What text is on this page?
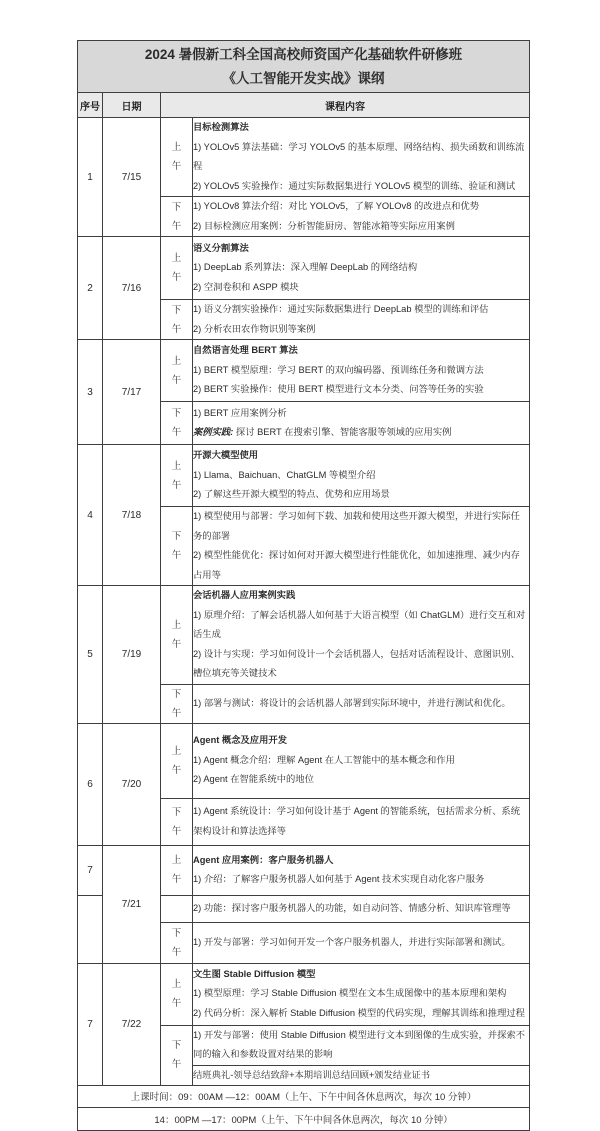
2024 暑假新工科全国高校师资国产化基础软件研修班
《人工智能开发实战》课纲			

序号	日期	课程内容	
1	7/15	上午	目标检测算法
1) YOLOv5 算法基础：学习 YOLOv5 的基本原理、网络结构、损失函数和训练流程
2) YOLOv5 实验操作：通过实际数据集进行 YOLOv5 模型的训练、验证和测试

		下午	1) YOLOv8 算法介绍：对比 YOLOv5，了解 YOLOv8 的改进点和优势
2) 目标检测应用案例：分析智能厨房、智能冰箱等实际应用案例

2	7/16	上午	语义分割算法
1) DeepLab 系列算法：深入理解 DeepLab 的网络结构
2) 空洞卷积和 ASPP 模块

		下午	1) 语义分割实验操作：通过实际数据集进行 DeepLab 模型的训练和评估
2) 分析农田农作物识别等案例

3	7/17	上午	自然语言处理 BERT 算法
1) BERT 模型原理：学习 BERT 的双向编码器、预训练任务和微调方法
2) BERT 实验操作：使用 BERT 模型进行文本分类、问答等任务的实验

		下午	1) BERT 应用案例分析
案例实践: 探讨 BERT 在搜索引擎、智能客服等领域的应用实例

4	7/18	上午	开源大模型使用
1) Llama、Baichuan、ChatGLM 等模型介绍
2) 了解这些开源大模型的特点、优势和应用场景

		下午	1) 模型使用与部署：学习如何下载、加载和使用这些开源大模型，并进行实际任务的部署
2) 模型性能优化：探讨如何对开源大模型进行性能优化，如加速推理、减少内存占用等

5	7/19	上午	会话机器人应用案例实践
1) 原理介绍：了解会话机器人如何基于大语言模型（如 ChatGLM）进行交互和对话生成
2) 设计与实现：学习如何设计一个会话机器人，包括对话流程设计、意图识别、槽位填充等关键技术

		下午	1) 部署与测试：将设计的会话机器人部署到实际环境中，并进行测试和优化。

6	7/20	上午	Agent 概念及应用开发
1) Agent 概念介绍：理解 Agent 在人工智能中的基本概念和作用
2) Agent 在智能系统中的地位

		下午	1) Agent 系统设计：学习如何设计基于 Agent 的智能系统，包括需求分析、系统架构设计和算法选择等

7	7/21	上午	Agent 应用案例：客户服务机器人
1) 介绍：了解客户服务机器人如何基于 Agent 技术实现自动化客户服务

			2) 功能：探讨客户服务机器人的功能，如自动问答、情感分析、知识库管理等

		下午	1) 开发与部署：学习如何开发一个客户服务机器人，并进行实际部署和测试。

7	7/22	上午	文生图 Stable Diffusion 模型
1) 模型原理：学习 Stable Diffusion 模型在文本生成图像中的基本原理和架构
2) 代码分析：深入解析 Stable Diffusion 模型的代码实现，理解其训练和推理过程

		下午	1) 开发与部署：使用 Stable Diffusion 模型进行文本到图像的生成实验，并探索不同的输入和参数设置对结果的影响

			结班典礼-领导总结致辞+本期培训总结回顾+颁发结业证书
上课时间：09：00AM —12：00AM（上午、下午中间各休息两次，每次 10 分钟）			
14：00PM —17：00PM（上午、下午中间各休息两次，每次 10 分钟）			
